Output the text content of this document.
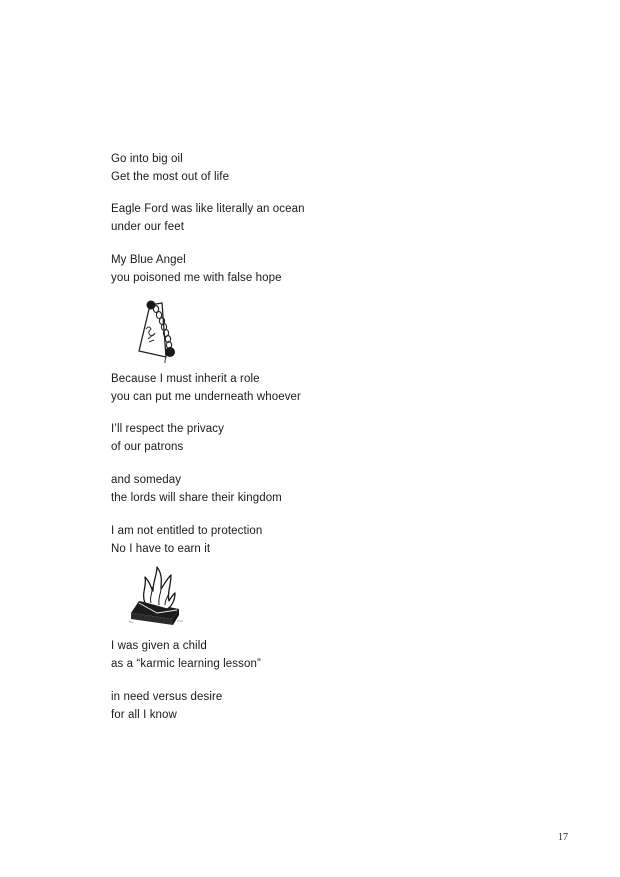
Go into big oil
Get the most out of life
Eagle Ford was like literally an ocean
under our feet
My Blue Angel
you poisoned me with false hope
Because I must inherit a role
you can put me underneath whoever
I’ll respect the privacy
of our patrons
and someday
the lords will share their kingdom
I am not entitled to protection
No I have to earn it
I was given a child
as a “karmic learning lesson”
in need versus desire
for all I know
17
